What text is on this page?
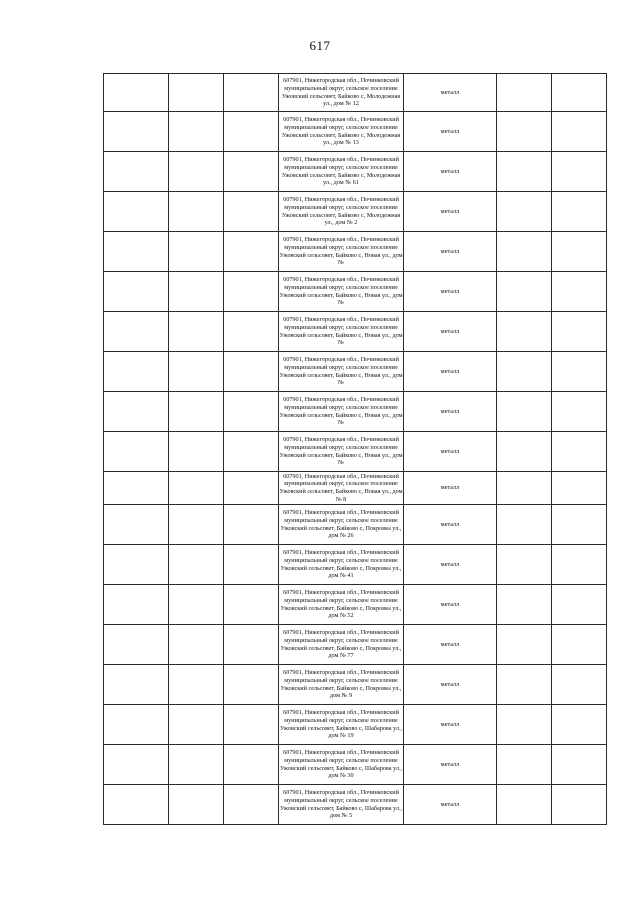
617
			607901, Нижегородская обл., Починковский муниципальный округ, сельское поселение Ужовский сельсовет, Байково с, Молодежная ул., дом № 12	металл		
			607901, Нижегородская обл., Починковский муниципальный округ, сельское поселение Ужовский сельсовет, Байково с, Молодежная ул., дом № 13	металл		
			607901, Нижегородская обл., Починковский муниципальный округ, сельское поселение Ужовский сельсовет, Байково с, Молодежная ул., дом № 61	металл		
			607901, Нижегородская обл., Починковский муниципальный округ, сельское поселение Ужовский сельсовет, Байково с, Молодежная ул., дом № 2	металл		
			607901, Нижегородская обл., Починковский муниципальный округ, сельское поселение Ужовский сельсовет, Байково с, Новая ул., дом №	металл		
			607901, Нижегородская обл., Починковский муниципальный округ, сельское поселение Ужовский сельсовет, Байково с, Новая ул., дом №	металл		
			607901, Нижегородская обл., Починковский муниципальный округ, сельское поселение Ужовский сельсовет, Байково с, Новая ул., дом №	металл		
			607901, Нижегородская обл., Починковский муниципальный округ, сельское поселение Ужовский сельсовет, Байково с, Новая ул., дом №	металл		
			607901, Нижегородская обл., Починковский муниципальный округ, сельское поселение Ужовский сельсовет, Байково с, Новая ул., дом №	металл		
			607901, Нижегородская обл., Починковский муниципальный округ, сельское поселение Ужовский сельсовет, Байково с, Новая ул., дом №	металл		
			607901, Нижегородская обл., Починковский муниципальный округ, сельское поселение Ужовский сельсовет, Байково с, Новая ул., дом № 8	металл		
			607901, Нижегородская обл., Починковский муниципальный округ, сельское поселение Ужовский сельсовет, Байково с, Покровка ул., дом № 26	металл		
			607901, Нижегородская обл., Починковский муниципальный округ, сельское поселение Ужовский сельсовет, Байково с, Покровка ул., дом № 41	металл		
			607901, Нижегородская обл., Починковский муниципальный округ, сельское поселение Ужовский сельсовет, Байково с, Покровка ул., дом № 52	металл		
			607901, Нижегородская обл., Починковский муниципальный округ, сельское поселение Ужовский сельсовет, Байково с, Покровка ул., дом № 77	металл		
			607901, Нижегородская обл., Починковский муниципальный округ, сельское поселение Ужовский сельсовет, Байково с, Покровка ул., дом № 9	металл		
			607901, Нижегородская обл., Починковский муниципальный округ, сельское поселение Ужовский сельсовет, Байково с, Шабарова ул., дом № 19	металл		
			607901, Нижегородская обл., Починковский муниципальный округ, сельское поселение Ужовский сельсовет, Байково с, Шабарова ул., дом № 30	металл		
			607901, Нижегородская обл., Починковский муниципальный округ, сельское поселение Ужовский сельсовет, Байково с, Шабарова ул., дом № 5	металл		
